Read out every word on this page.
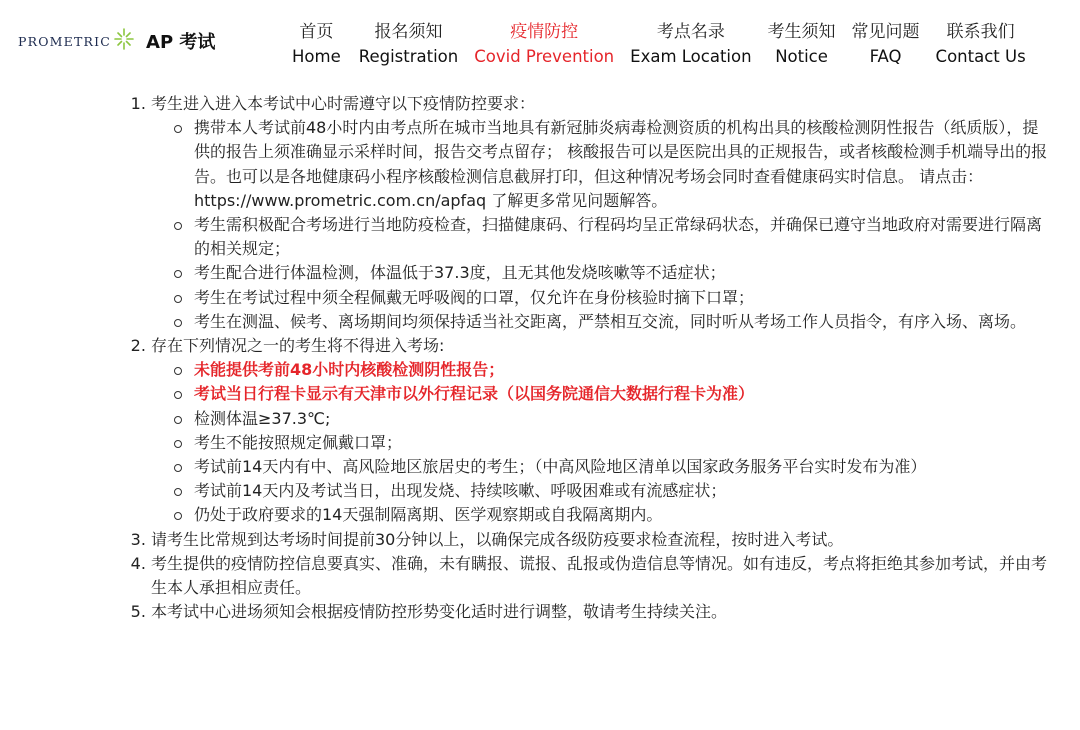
PROMETRIC AP 考试	首页
Home
报名须知
Registration
疫情防控
Covid Prevention
考点名录
Exam Location
考生须知
Notice
常见问题
FAQ
联系我们
Contact Us
1. 考生进入进入本考试中心时需遵守以下疫情防控要求：
携带本人考试前48小时内由考点所在城市当地具有新冠肺炎病毒检测资质的机构出具的核酸检测阴性报告（纸质版），提供的报告上须准确显示采样时间，报告交考点留存； 核酸报告可以是医院出具的正规报告，或者核酸检测手机端导出的报告。也可以是各地健康码小程序核酸检测信息截屏打印，但这种情况考场会同时查看健康码实时信息。 请点击：https://www.prometric.com.cn/apfaq 了解更多常见问题解答。
考生需积极配合考场进行当地防疫检查，扫描健康码、行程码均呈正常绿码状态，并确保已遵守当地政府对需要进行隔离的相关规定；
考生配合进行体温检测，体温低于37.3度，且无其他发烧咳嗽等不适症状；
考生在考试过程中须全程佩戴无呼吸阀的口罩，仅允许在身份核验时摘下口罩；
考生在测温、候考、离场期间均须保持适当社交距离，严禁相互交流，同时听从考场工作人员指令，有序入场、离场。
2. 存在下列情况之一的考生将不得进入考场:
未能提供考前48小时内核酸检测阴性报告；
考试当日行程卡显示有天津市以外行程记录（以国务院通信大数据行程卡为准）
检测体温≥37.3℃;
考生不能按照规定佩戴口罩；
考试前14天内有中、高风险地区旅居史的考生；（中高风险地区清单以国家政务服务平台实时发布为准）
考试前14天内及考试当日，出现发烧、持续咳嗽、呼吸困难或有流感症状；
仍处于政府要求的14天强制隔离期、医学观察期或自我隔离期内。
3. 请考生比常规到达考场时间提前30分钟以上，以确保完成各级防疫要求检查流程，按时进入考试。
4. 考生提供的疫情防控信息要真实、准确，未有瞒报、谎报、乱报或伪造信息等情况。如有违反，考点将拒绝其参加考试，并由考生本人承担相应责任。
5. 本考试中心进场须知会根据疫情防控形势变化适时进行调整，敬请考生持续关注。
